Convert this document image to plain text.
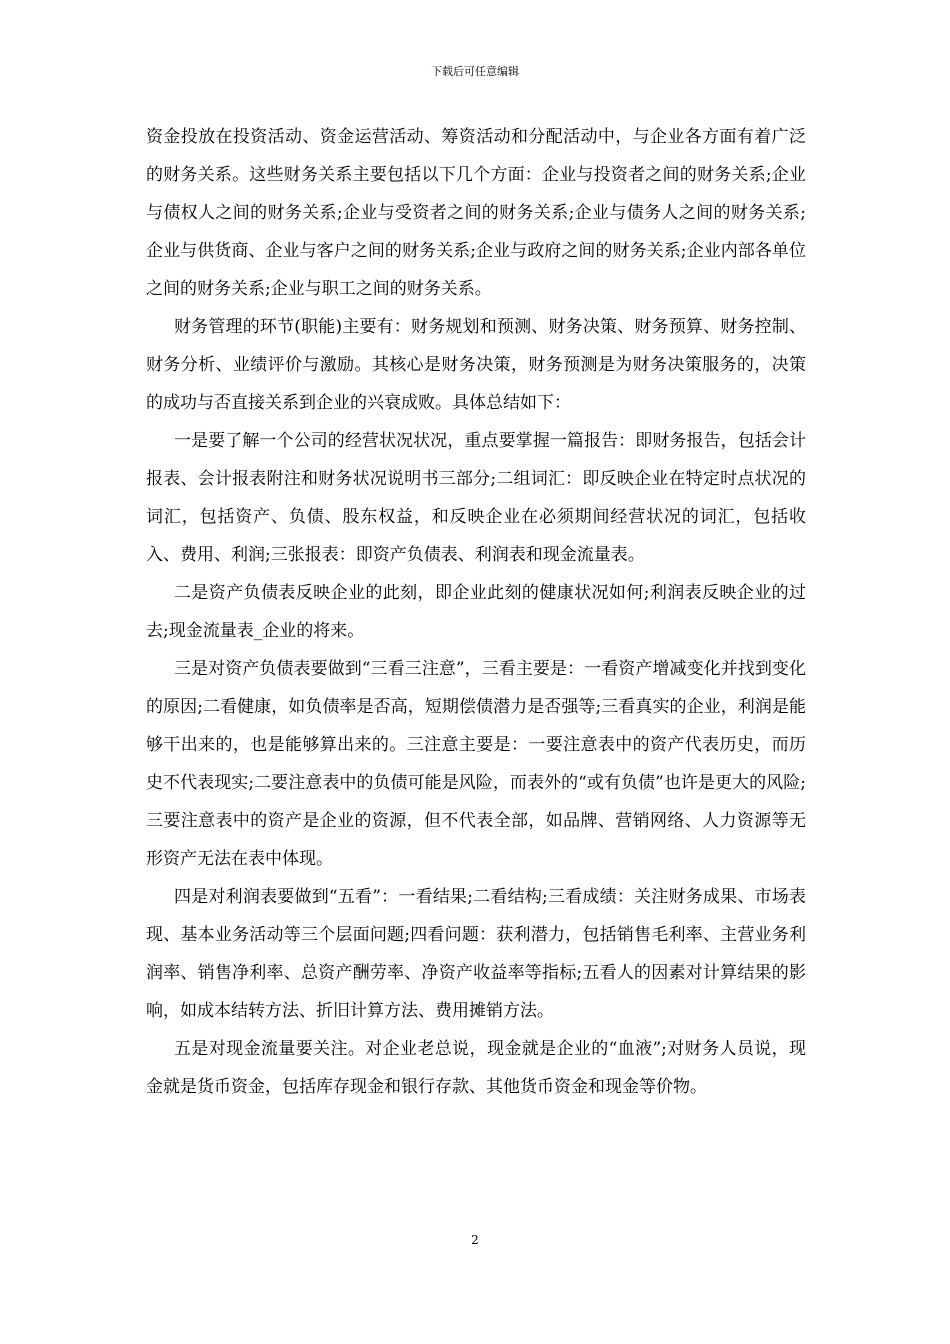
下载后可任意编辑

资金投放在投资活动、资金运营活动、筹资活动和分配活动中，与企业各方面有着广泛的财务关系。这些财务关系主要包括以下几个方面：企业与投资者之间的财务关系;企业与债权人之间的财务关系;企业与受资者之间的财务关系;企业与债务人之间的财务关系;企业与供货商、企业与客户之间的财务关系;企业与政府之间的财务关系;企业内部各单位之间的财务关系;企业与职工之间的财务关系。

财务管理的环节(职能)主要有：财务规划和预测、财务决策、财务预算、财务控制、财务分析、业绩评价与激励。其核心是财务决策，财务预测是为财务决策服务的，决策的成功与否直接关系到企业的兴衰成败。具体总结如下：

一是要了解一个公司的经营状况状况，重点要掌握一篇报告：即财务报告，包括会计报表、会计报表附注和财务状况说明书三部分;二组词汇：即反映企业在特定时点状况的词汇，包括资产、负债、股东权益，和反映企业在必须期间经营状况的词汇，包括收入、费用、利润;三张报表：即资产负债表、利润表和现金流量表。

二是资产负债表反映企业的此刻，即企业此刻的健康状况如何;利润表反映企业的过去;现金流量表_企业的将来。

三是对资产负债表要做到“三看三注意”，三看主要是：一看资产增减变化并找到变化的原因;二看健康，如负债率是否高，短期偿债潜力是否强等;三看真实的企业，利润是能够干出来的，也是能够算出来的。三注意主要是：一要注意表中的资产代表历史，而历史不代表现实;二要注意表中的负债可能是风险，而表外的“或有负债”也许是更大的风险;三要注意表中的资产是企业的资源，但不代表全部，如品牌、营销网络、人力资源等无形资产无法在表中体现。

四是对利润表要做到“五看”：一看结果;二看结构;三看成绩：关注财务成果、市场表现、基本业务活动等三个层面问题;四看问题：获利潜力，包括销售毛利率、主营业务利润率、销售净利率、总资产酬劳率、净资产收益率等指标;五看人的因素对计算结果的影响，如成本结转方法、折旧计算方法、费用摊销方法。

五是对现金流量要关注。对企业老总说，现金就是企业的“血液”;对财务人员说，现金就是货币资金，包括库存现金和银行存款、其他货币资金和现金等价物。

2
